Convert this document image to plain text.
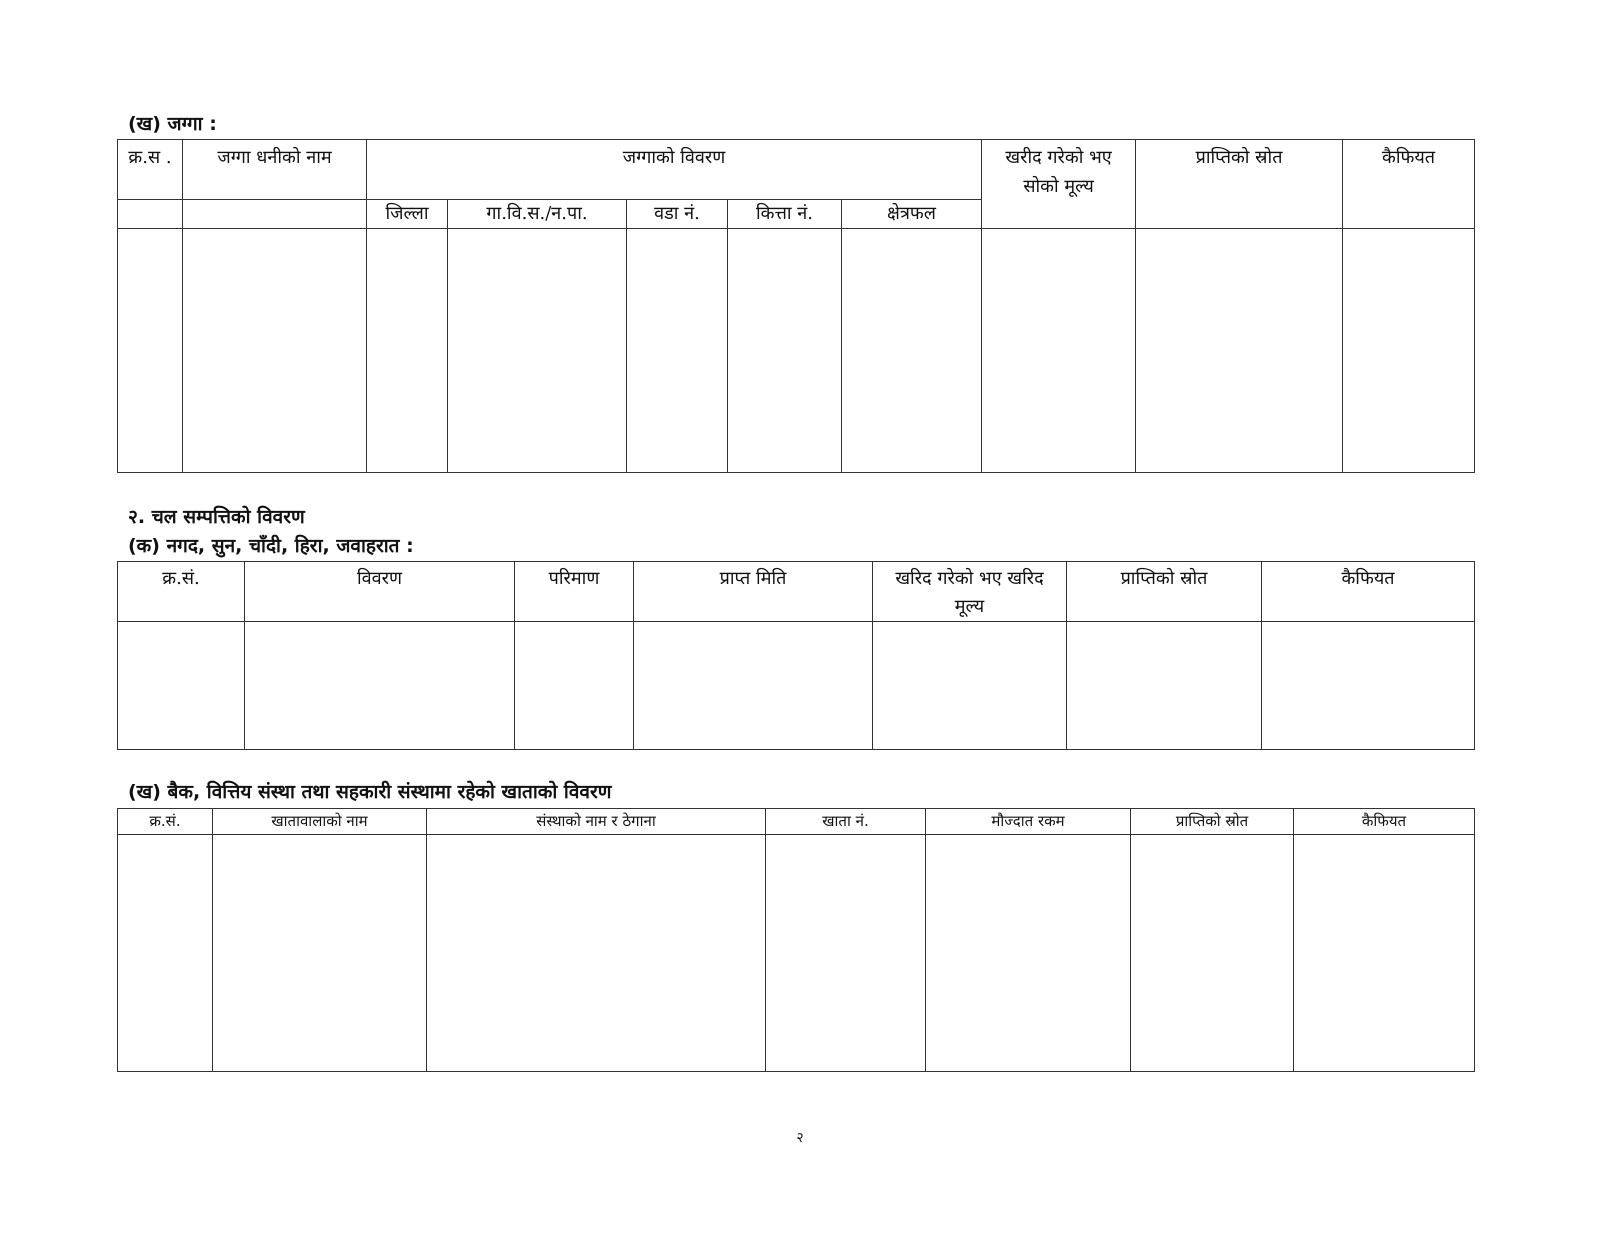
(ख) जग्गा :
क्र.स .	जग्गा धनीको नाम	जग्गाको विवरण					खरीद गरेको भए सोको मूल्य	प्राप्तिको स्रोत	कैफियत
		जिल्ला	गा.वि.स./न.पा.	वडा नं.	कित्ता नं.	क्षेत्रफल			

२. चल सम्पत्तिको विवरण
(क) नगद, सुन, चाँदी, हिरा, जवाहरात :
क्र.सं.	विवरण	परिमाण	प्राप्त मिति	खरिद गरेको भए खरिद मूल्य	प्राप्तिको स्रोत	कैफियत

(ख) बैक, वित्तिय संस्था तथा सहकारी संस्थामा रहेको खाताको विवरण
क्र.सं.	खातावालाको नाम	संस्थाको नाम र ठेगाना	खाता नं.	मौज्दात रकम	प्राप्तिको स्रोत	कैफियत

२
